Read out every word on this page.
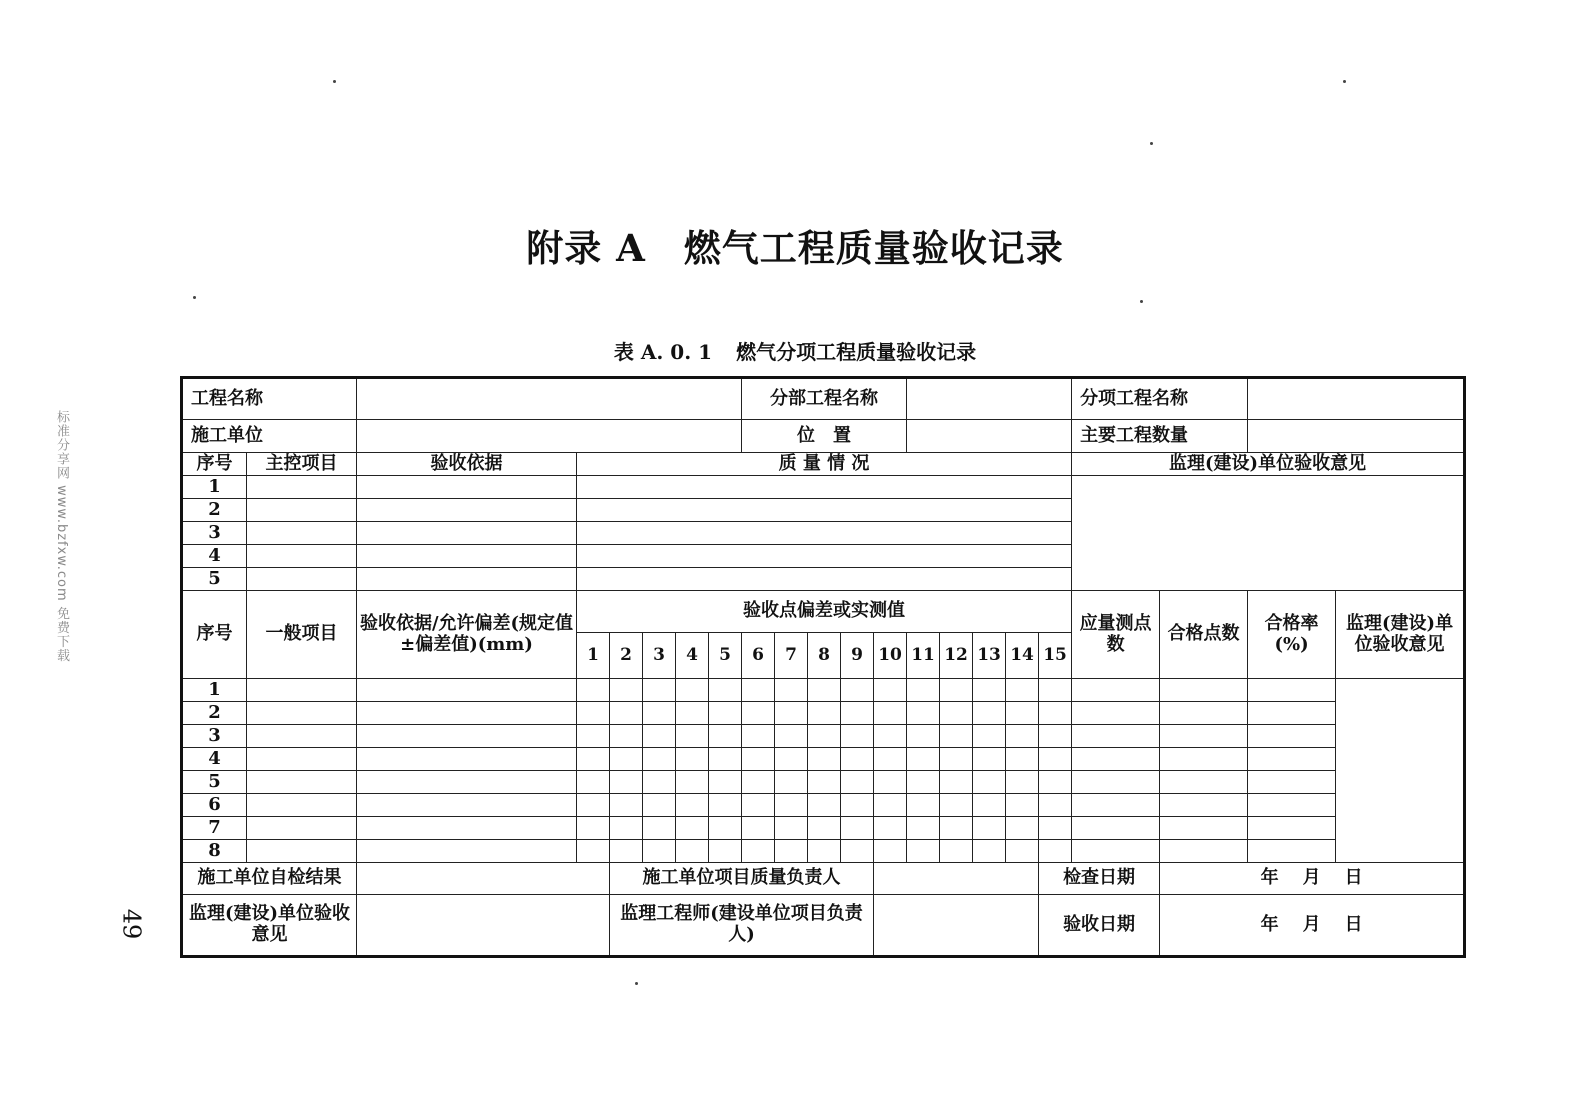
附录 A 燃气工程质量验收记录
表 A. 0. 1 燃气分项工程质量验收记录
标准分享网 www.bzfxw.com 免费下载
49
工程名称								分部工程名称										分项工程名称			
施工单位								位　置										主要工程数量			
序号	主控项目	验收依据	质 量 情 况															监理(建设)单位验收意见			
1																					
2																					
3																					
4																					
5																					
序号	一般项目	验收依据/允许偏差(规定值±偏差值)(mm)	验收点偏差或实测值															应量测点数	合格点数	合格率(%)	监理(建设)单位验收意见
			1	2	3	4	5	6	7	8	9	10	11	12	13	14	15				
1																					
2																					
3																					
4																					
5																					
6																					
7																					
8																					
施工单位自检结果				施工单位项目质量负责人													检查日期		年 月 日		
监理(建设)单位验收意见				监理工程师(建设单位项目负责人)													验收日期		年 月 日		
